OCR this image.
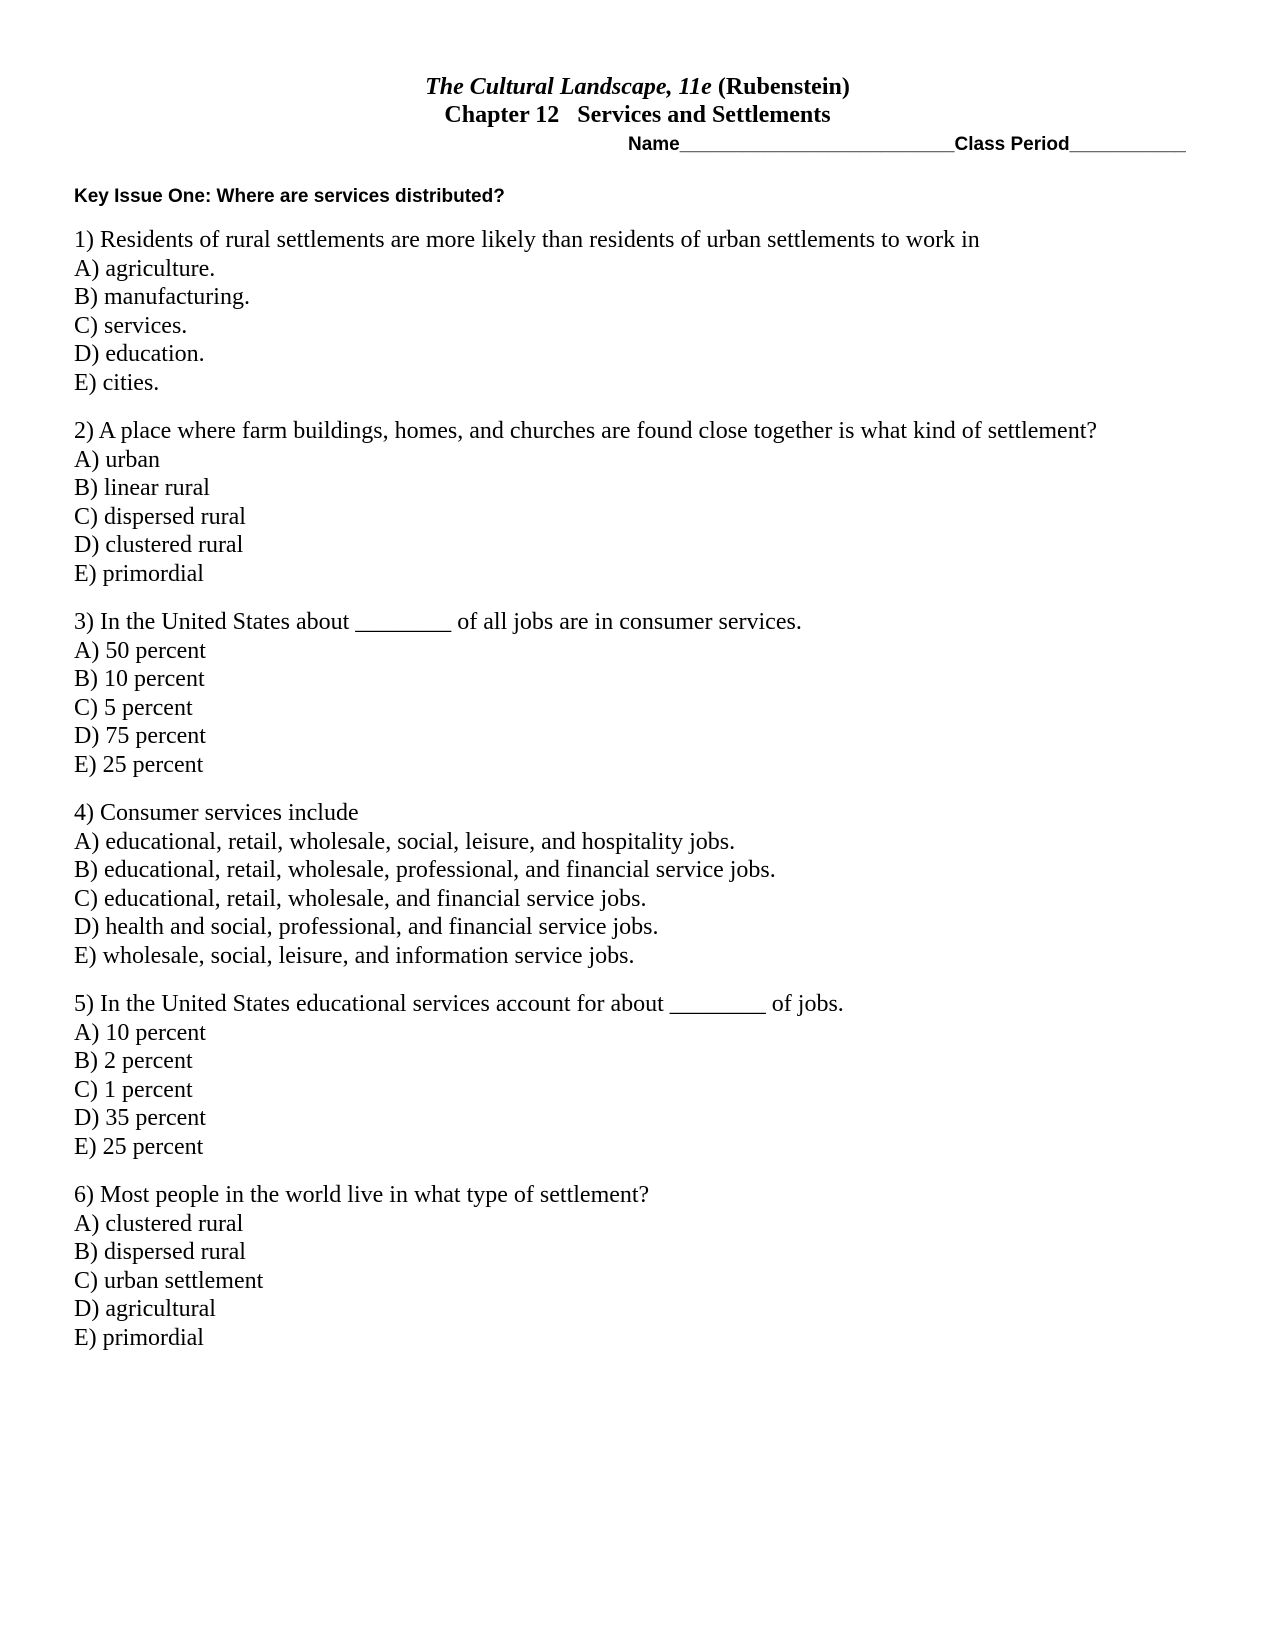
The Cultural Landscape, 11e (Rubenstein)
Chapter 12   Services and Settlements
Name__________________________Class Period___________
Key Issue One: Where are services distributed?
1) Residents of rural settlements are more likely than residents of urban settlements to work in
A) agriculture.
B) manufacturing.
C) services.
D) education.
E) cities.
2) A place where farm buildings, homes, and churches are found close together is what kind of settlement?
A) urban
B) linear rural
C) dispersed rural
D) clustered rural
E) primordial
3) In the United States about ________ of all jobs are in consumer services.
A) 50 percent
B) 10 percent
C) 5 percent
D) 75 percent
E) 25 percent
4) Consumer services include
A) educational, retail, wholesale, social, leisure, and hospitality jobs.
B) educational, retail, wholesale, professional, and financial service jobs.
C) educational, retail, wholesale, and financial service jobs.
D) health and social, professional, and financial service jobs.
E) wholesale, social, leisure, and information service jobs.
5) In the United States educational services account for about ________ of jobs.
A) 10 percent
B) 2 percent
C) 1 percent
D) 35 percent
E) 25 percent
6) Most people in the world live in what type of settlement?
A) clustered rural
B) dispersed rural
C) urban settlement
D) agricultural
E) primordial
